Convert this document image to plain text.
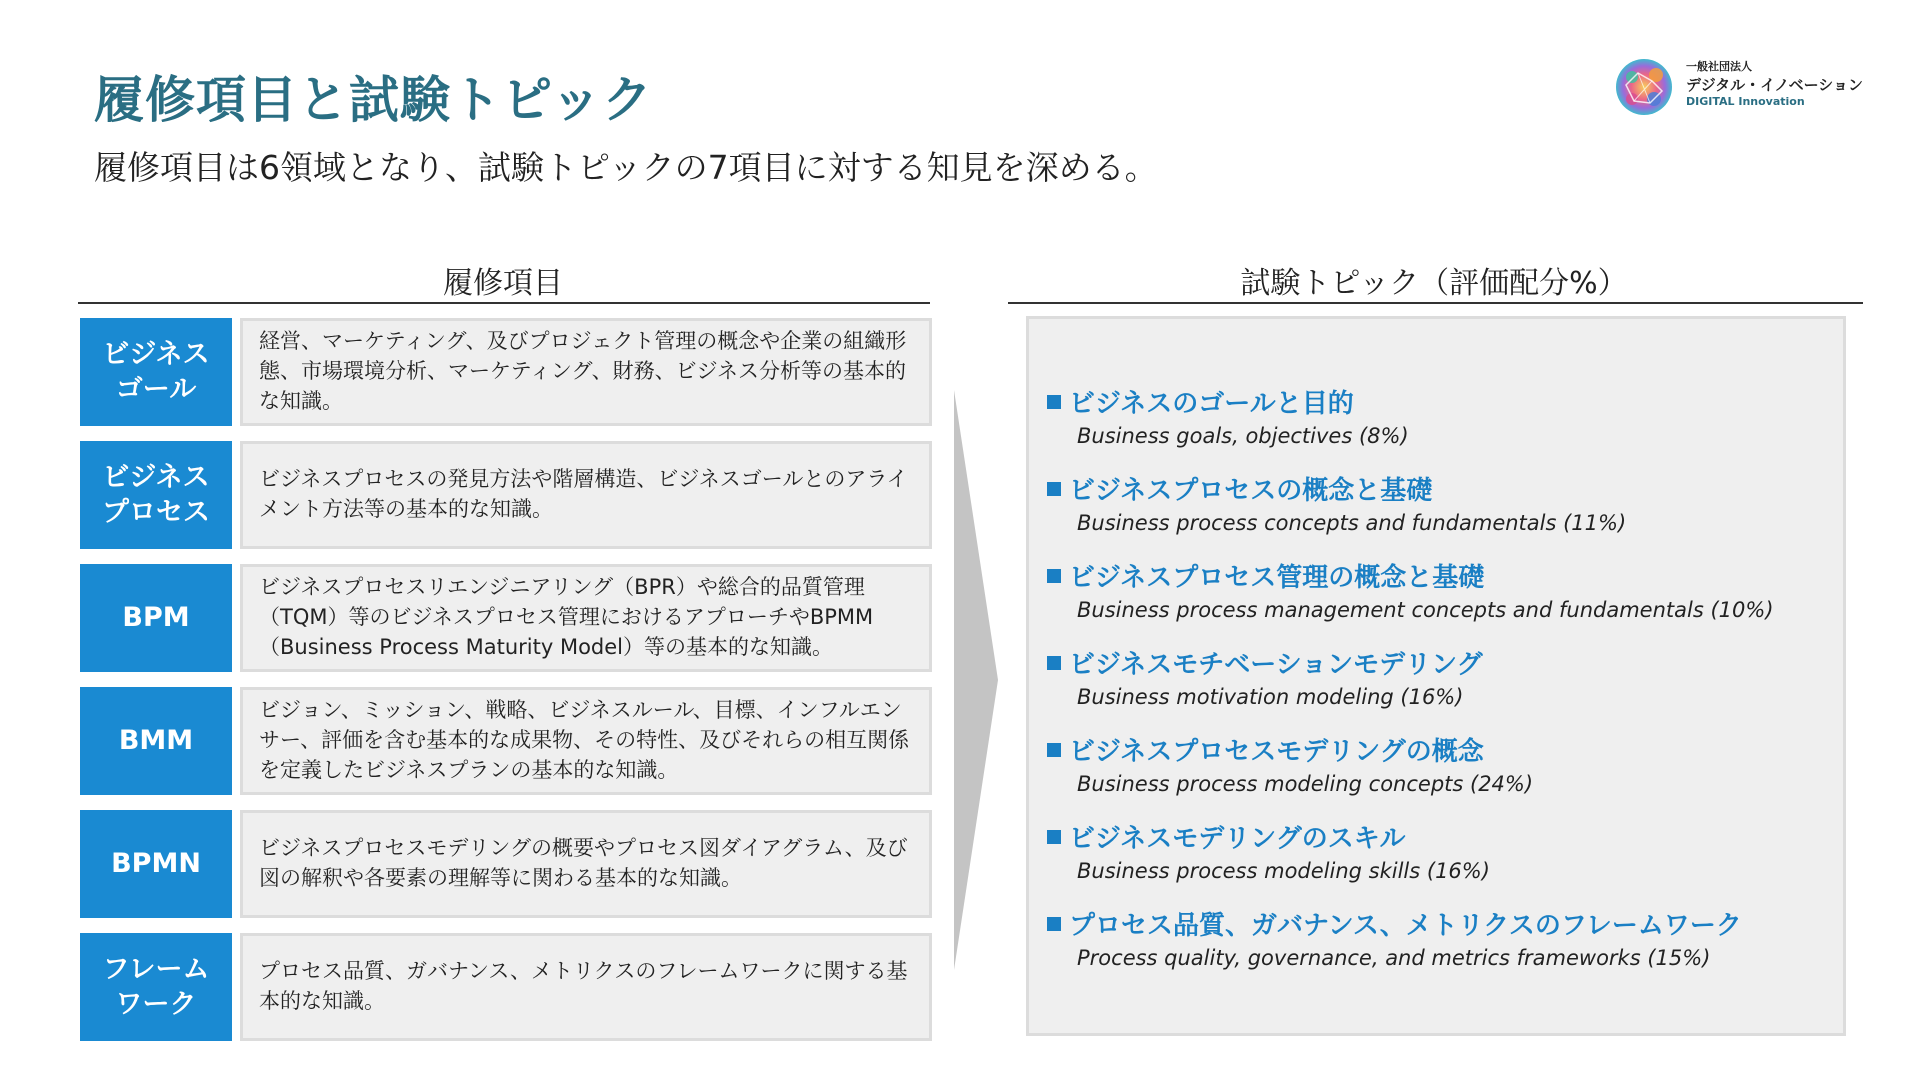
履修項目と試験トピック
履修項目は6領域となり、試験トピックの7項目に対する知見を深める。
一般社団法人
デジタル・イノベーション
DIGITAL Innovation
履修項目	試験トピック（評価配分%）
ビジネス
ゴール
経営、マーケティング、及びプロジェクト管理の概念や企業の組織形態、市場環境分析、マーケティング、財務、ビジネス分析等の基本的な知識。
ビジネス
プロセス
ビジネスプロセスの発見方法や階層構造、ビジネスゴールとのアライメント方法等の基本的な知識。
BPM
ビジネスプロセスリエンジニアリング（BPR）や総合的品質管理（TQM）等のビジネスプロセス管理におけるアプローチやBPMM（Business Process Maturity Model）等の基本的な知識。
BMM
ビジョン、ミッション、戦略、ビジネスルール、目標、インフルエンサー、評価を含む基本的な成果物、その特性、及びそれらの相互関係を定義したビジネスプランの基本的な知識。
BPMN
ビジネスプロセスモデリングの概要やプロセス図ダイアグラム、及び図の解釈や各要素の理解等に関わる基本的な知識。
フレーム
ワーク
プロセス品質、ガバナンス、メトリクスのフレームワークに関する基本的な知識。
ビジネスのゴールと目的
Business goals, objectives (8%)
ビジネスプロセスの概念と基礎
Business process concepts and fundamentals (11%)
ビジネスプロセス管理の概念と基礎
Business process management concepts and fundamentals (10%)
ビジネスモチベーションモデリング
Business motivation modeling (16%)
ビジネスプロセスモデリングの概念
Business process modeling concepts (24%)
ビジネスモデリングのスキル
Business process modeling skills (16%)
プロセス品質、ガバナンス、メトリクスのフレームワーク
Process quality, governance, and metrics frameworks (15%)
